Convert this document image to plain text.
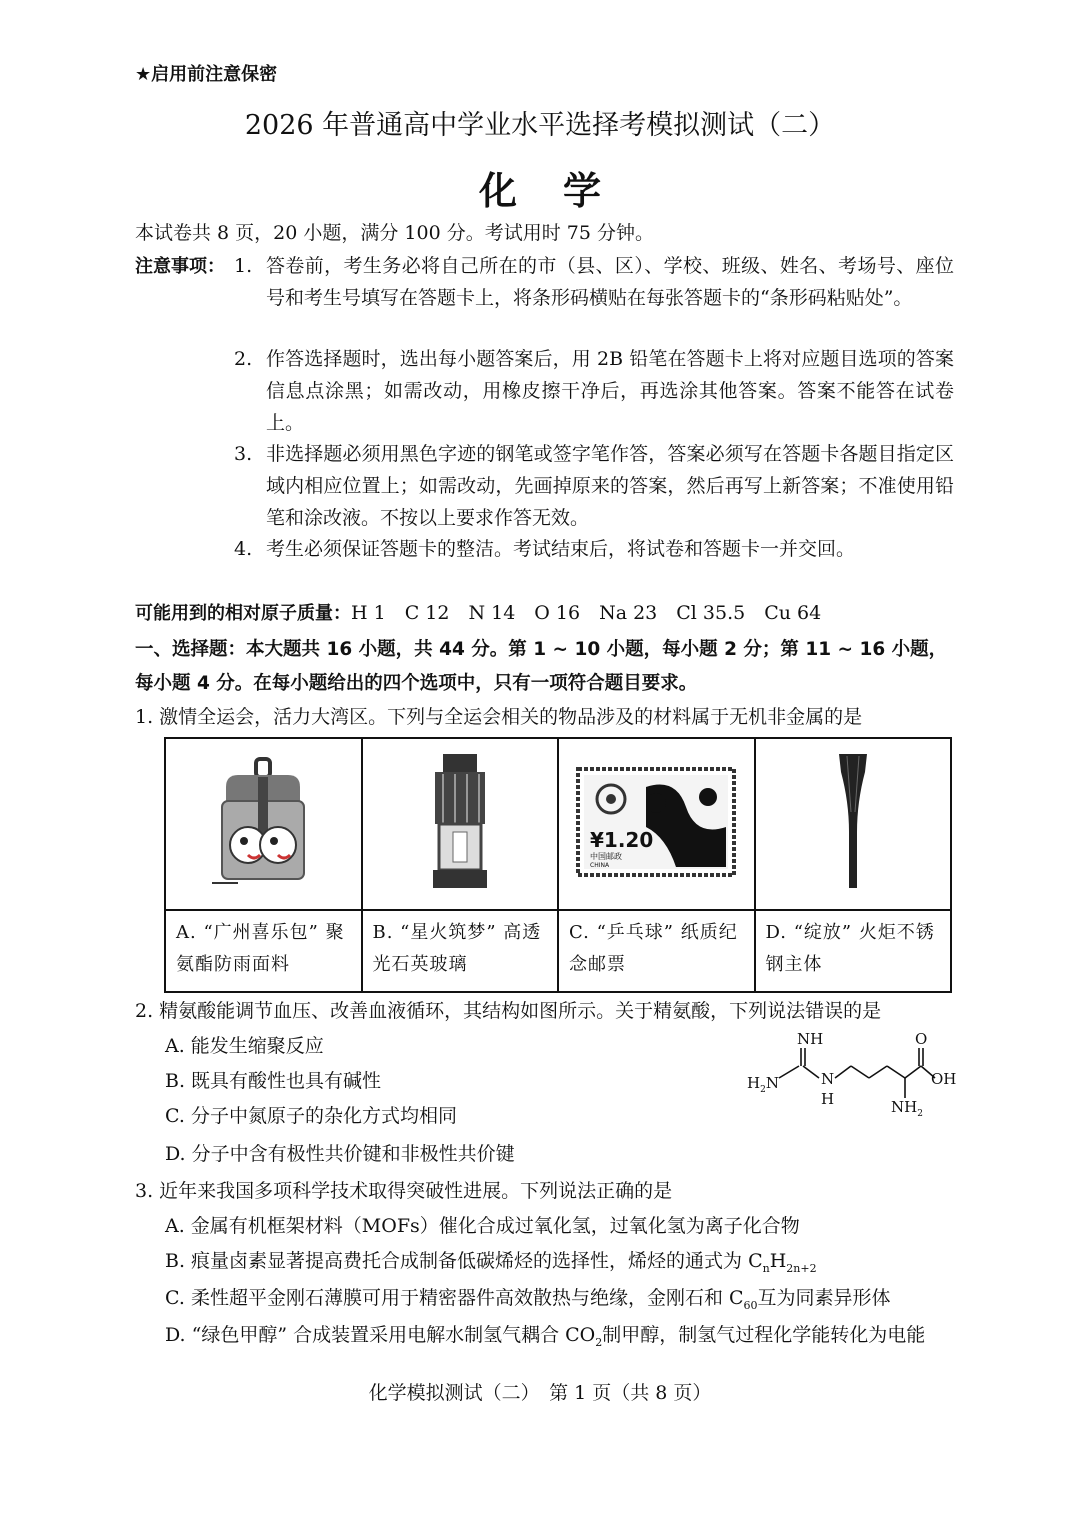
★启用前注意保密
2026 年普通高中学业水平选择考模拟测试（二）
化学
本试卷共 8 页，20 小题，满分 100 分。考试用时 75 分钟。
注意事项： 1. 答卷前，考生务必将自己所在的市（县、区）、学校、班级、姓名、考场号、座位号和考生号填写在答题卡上，将条形码横贴在每张答题卡的“条形码粘贴处”。
2. 作答选择题时，选出每小题答案后，用 2B 铅笔在答题卡上将对应题目选项的答案信息点涂黑；如需改动，用橡皮擦干净后，再选涂其他答案。答案不能答在试卷上。
3. 非选择题必须用黑色字迹的钢笔或签字笔作答，答案必须写在答题卡各题目指定区域内相应位置上；如需改动，先画掉原来的答案，然后再写上新答案；不准使用铅笔和涂改液。不按以上要求作答无效。
4. 考生必须保证答题卡的整洁。考试结束后，将试卷和答题卡一并交回。
可能用到的相对原子质量：H 1　C 12　N 14　O 16　Na 23　Cl 35.5　Cu 64
一、选择题：本大题共 16 小题，共 44 分。第 1 ~ 10 小题，每小题 2 分；第 11 ~ 16 小题，每小题 4 分。在每小题给出的四个选项中，只有一项符合题目要求。
1. 激情全运会，活力大湾区。下列与全运会相关的物品涉及的材料属于无机非金属的是

¥1.20
中国邮政
CHINA

A. “广州喜乐包” 聚氨酯防雨面料	B. “星火筑梦” 高透光石英玻璃	C. “乒乓球” 纸质纪念邮票	D. “绽放” 火炬不锈钢主体
2. 精氨酸能调节血压、改善血液循环，其结构如图所示。关于精氨酸，下列说法错误的是
A. 能发生缩聚反应
B. 既具有酸性也具有碱性
C. 分子中氮原子的杂化方式均相同
D. 分子中含有极性共价键和非极性共价键
NH	O
$H_2N$	N
H
OH
$NH_2$
3. 近年来我国多项科学技术取得突破性进展。下列说法正确的是
A. 金属有机框架材料（MOFs）催化合成过氧化氢，过氧化氢为离子化合物
B. 痕量卤素显著提高费托合成制备低碳烯烃的选择性，烯烃的通式为 $C_nH_{2n+2}$
C. 柔性超平金刚石薄膜可用于精密器件高效散热与绝缘，金刚石和 $C_{60}$互为同素异形体
D. “绿色甲醇” 合成装置采用电解水制氢气耦合 $CO_2$制甲醇，制氢气过程化学能转化为电能
化学模拟测试（二）　第 1 页（共 8 页）
